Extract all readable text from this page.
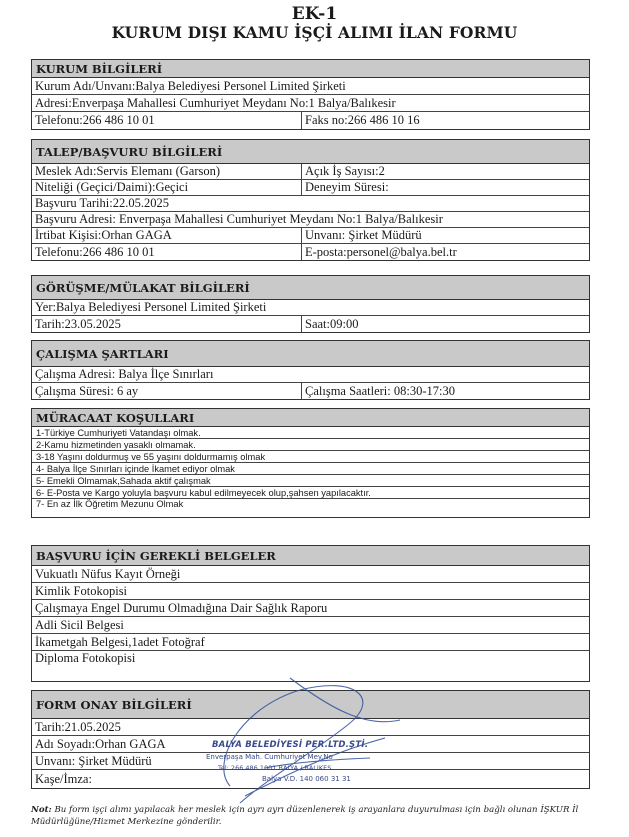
EK-1
KURUM DIŞI KAMU İŞÇİ ALIMI İLAN FORMU
KURUM BİLGİLERİ
Kurum Adı/Unvanı:Balya Belediyesi Personel Limited Şirketi
Adresi:Enverpaşa Mahallesi Cumhuriyet Meydanı No:1 Balya/Balıkesir
Telefonu:266 486 10 01	Faks no:266 486 10 16
TALEP/BAŞVURU BİLGİLERİ
Meslek Adı:Servis Elemanı (Garson)	Açık İş Sayısı:2
Niteliği (Geçici/Daimi):Geçici	Deneyim Süresi:
Başvuru Tarihi:22.05.2025
Başvuru Adresi: Enverpaşa Mahallesi Cumhuriyet Meydanı No:1 Balya/Balıkesir
İrtibat Kişisi:Orhan GAGA	Unvanı: Şirket Müdürü
Telefonu:266 486 10 01	E-posta:personel@balya.bel.tr
GÖRÜŞME/MÜLAKAT BİLGİLERİ
Yer:Balya Belediyesi Personel Limited Şirketi
Tarih:23.05.2025	Saat:09:00
ÇALIŞMA ŞARTLARI
Çalışma Adresi: Balya İlçe Sınırları
Çalışma Süresi: 6 ay	Çalışma Saatleri: 08:30-17:30
MÜRACAAT KOŞULLARI
1-Türkiye Cumhuriyeti Vatandaşı olmak.
2-Kamu hizmetinden yasaklı olmamak.
3-18 Yaşını doldurmuş ve 55 yaşını doldurmamış olmak
4- Balya İlçe Sınırları içinde İkamet ediyor olmak
5- Emekli Olmamak,Sahada aktif çalışmak
6- E-Posta ve Kargo yoluyla başvuru kabul edilmeyecek olup,şahsen yapılacaktır.
7- En az İlk Öğretim Mezunu Olmak
BAŞVURU İÇİN GEREKLİ BELGELER
Vukuatlı Nüfus Kayıt Örneği
Kimlik Fotokopisi
Çalışmaya Engel Durumu Olmadığına Dair Sağlık Raporu
Adli Sicil Belgesi
İkametgah Belgesi,1adet Fotoğraf
Diploma Fotokopisi
FORM ONAY BİLGİLERİ
Tarih:21.05.2025
Adı Soyadı:Orhan GAGA
Unvanı: Şirket Müdürü
Kaşe/İmza:
BALYA BELEDİYESİ PER.LTD.ŞTİ.
Enverpaşa Mah. Cumhuriyet Mey.No
Tel: 266 486 1001 BALYA / BALIKES
Balya V.D. 140 060 31 31
Not: Bu form işçi alımı yapılacak her meslek için ayrı ayrı düzenlenerek iş arayanlara duyurulması için bağlı olunan İŞKUR İl Müdürlüğüne/Hizmet Merkezine gönderilir.
